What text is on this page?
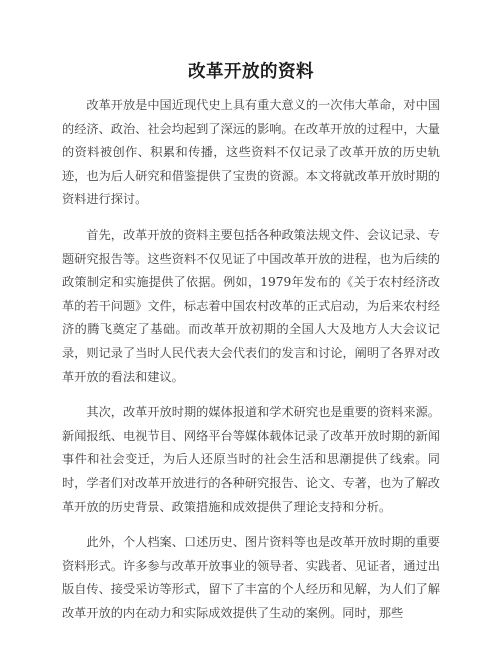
改革开放的资料

改革开放是中国近现代史上具有重大意义的一次伟大革命，对中国的经济、政治、社会均起到了深远的影响。在改革开放的过程中，大量的资料被创作、积累和传播，这些资料不仅记录了改革开放的历史轨迹，也为后人研究和借鉴提供了宝贵的资源。本文将就改革开放时期的资料进行探讨。

首先，改革开放的资料主要包括各种政策法规文件、会议记录、专题研究报告等。这些资料不仅见证了中国改革开放的进程，也为后续的政策制定和实施提供了依据。例如，1979年发布的《关于农村经济改革的若干问题》文件，标志着中国农村改革的正式启动，为后来农村经济的腾飞奠定了基础。而改革开放初期的全国人大及地方人大会议记录，则记录了当时人民代表大会代表们的发言和讨论，阐明了各界对改革开放的看法和建议。

其次，改革开放时期的媒体报道和学术研究也是重要的资料来源。新闻报纸、电视节目、网络平台等媒体载体记录了改革开放时期的新闻事件和社会变迁，为后人还原当时的社会生活和思潮提供了线索。同时，学者们对改革开放进行的各种研究报告、论文、专著，也为了解改革开放的历史背景、政策措施和成效提供了理论支持和分析。

此外，个人档案、口述历史、图片资料等也是改革开放时期的重要资料形式。许多参与改革开放事业的领导者、实践者、见证者，通过出版自传、接受采访等形式，留下了丰富的个人经历和见解，为人们了解改革开放的内在动力和实际成效提供了生动的案例。同时，那些
